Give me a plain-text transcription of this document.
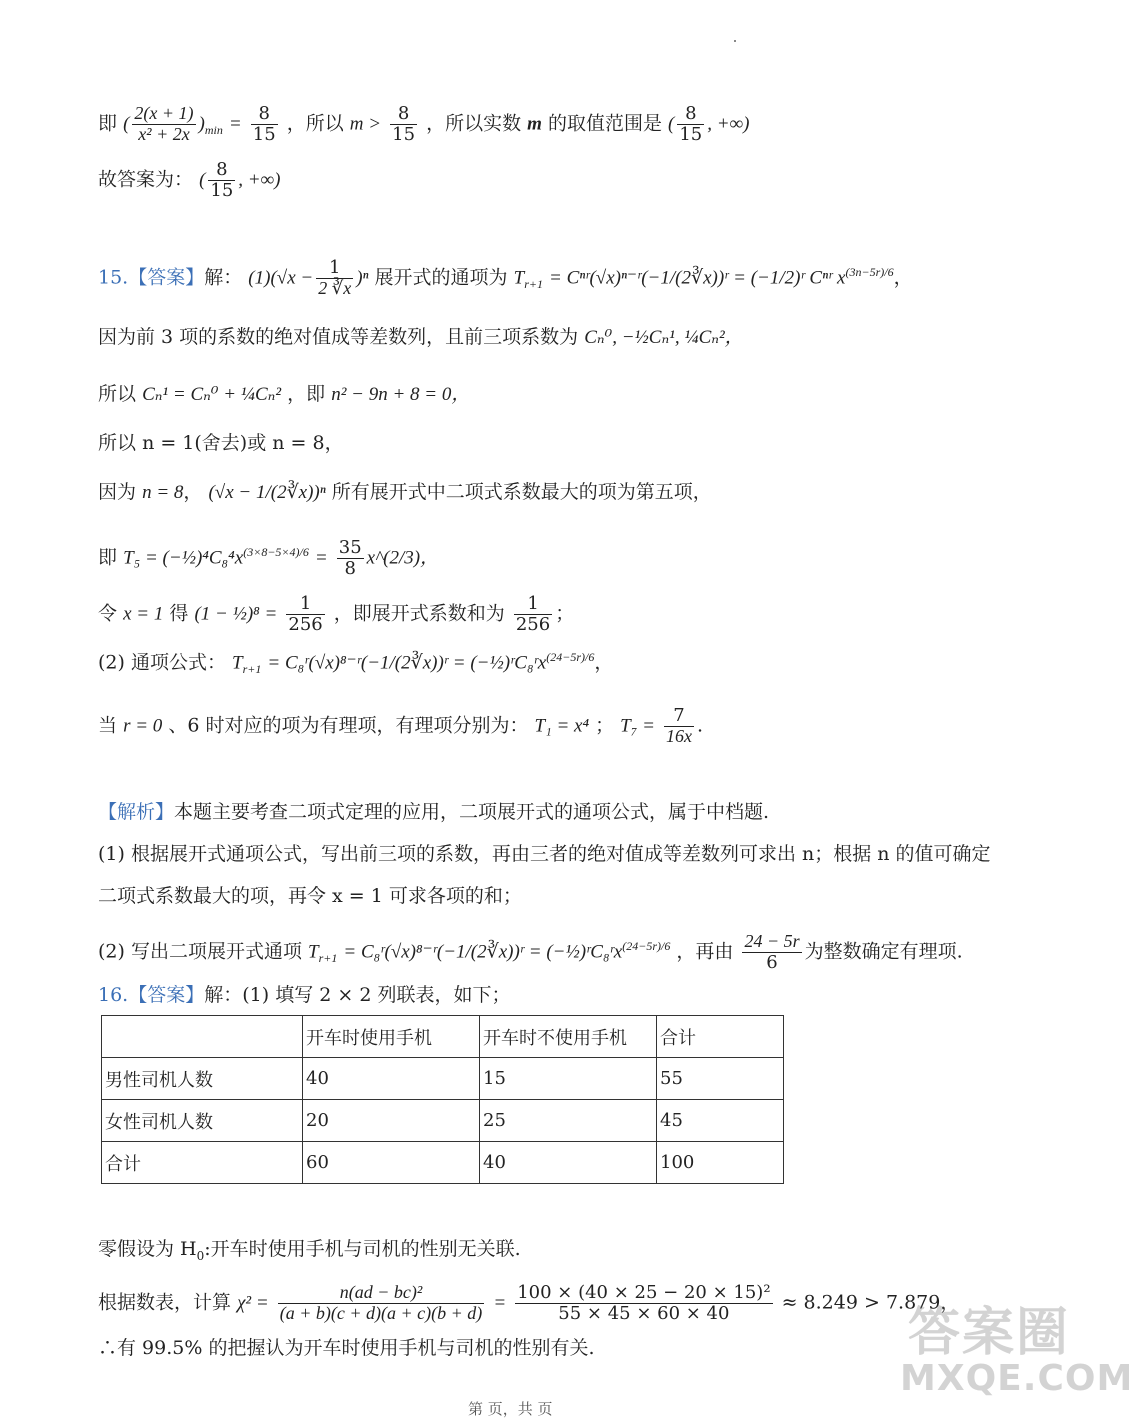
即 ( $\frac{2(x + 1)}{\text{x² + 2x}} )_{min} = \frac{8}{15}$ ，所以 $m > \frac{8}{15}$ ，所以实数 m 的取值范围是 ( $\frac{8}{15}$ , +∞)
故答案为： ( $\frac{8}{15}$ , +∞)
15.【答案】解： $(1)(√x - \frac{1}{2 ∛x} )^n$ 展开式的通项为 $T_{r+1}$ = Cⁿʳ(√x)ⁿ⁻ʳ(−1/(2∛x))ʳ = (−1/2)ʳ Cⁿʳ $x^{(3n-5r)/6}$，
因为前 3 项的系数的绝对值成等差数列，且前三项系数为 Cₙ⁰, −½Cₙ¹, ¼Cₙ²，
所以 Cₙ¹ = Cₙ⁰ + ¼Cₙ² ，即 n² − 9n + 8 = 0，
所以 n = 1(舍去)或 n = 8，
因为 n = 8， (√x − 1/(2∛x))ⁿ 所有展开式中二项式系数最大的项为第五项，
即 $T_5 = (-\frac{1}{2})^4C_8^4x^{(3\times 8-5\times 4)/6} = \frac{35}{8}$ x^(2/3)，
令 x = 1 得 (1 − ½)⁸ = $\frac{1}{256}$ ，即展开式系数和为 $\frac{1}{256}$ ；
(2) 通项公式： $T_{r+1}$ = C₈ʳ(√x)⁸⁻ʳ(−1/(2∛x))ʳ = (−½)ʳC₈ʳx$^{(24-5r)/6}$，
当 r = 0 、6 时对应的项为有理项，有理项分别为： T₁ = x⁴ ； $T_7 = \frac{7}{16x}$ .
【解析】本题主要考查二项式定理的应用，二项展开式的通项公式，属于中档题.
(1) 根据展开式通项公式，写出前三项的系数，再由三者的绝对值成等差数列可求出 n；根据 n 的值可确定
二项式系数最大的项，再令 x = 1 可求各项的和；
(2) 写出二项展开式通项 $T_{r+1}$ = C₈ʳ(√x)⁸⁻ʳ(−1/(2∛x))ʳ = (−½)ʳC₈ʳx$^{(24-5r)/6}$ ，再由 $\frac{24 - 5r}{6}$ 为整数确定有理项.
16.【答案】解：(1) 填写 2 × 2 列联表，如下；
	开车时使用手机	开车时不使用手机	合计
男性司机人数	40	15	55
女性司机人数	20	25	45
合计	60	40	100
零假设为 $H_0$:开车时使用手机与司机的性别无关联.
根据数表，计算 $\chi^2 = \frac{\text{n(ad − bc)²}}{(a + b)(c + d)(a + c)(b + d)} = \frac{\text{100 × (40 × 25 − 20 × 15)²}}{55 \times 45 \times 60 \times 40} \approx 8.249 > 7.879$，
∴有 99.5% 的把握认为开车时使用手机与司机的性别有关.	答案圈
MXQE.COM
第 页，共 页
